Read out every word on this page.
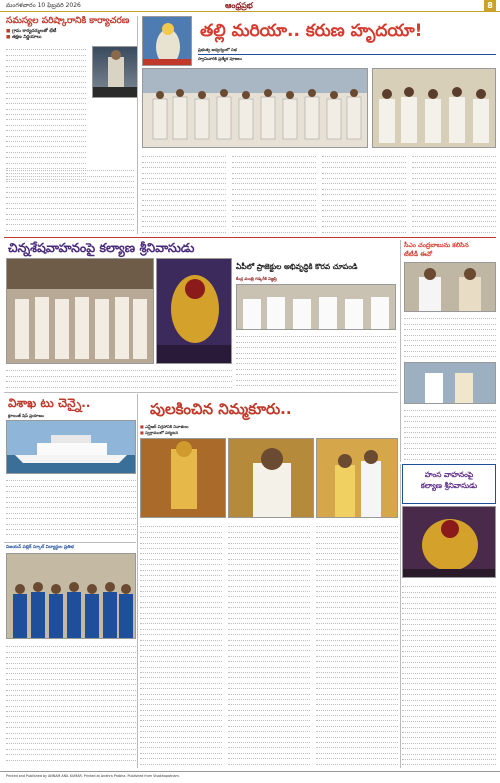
మంగళవారం 10 ఫిబ్రవరి 2026	ఆంధ్రప్రభ	8
సమస్యల పరిష్కారానికి కార్యాచరణ
■ గ్రామ కార్యదర్శులతో భేటీ
■ తక్షణ నిర్ణయాలు	తల్లి మరియా.. కరుణ హృదయా!
ప్రభుత్వ ఆధ్వర్యంలో సభ
స్వామివారికి ప్రత్యేక పూజలు
చిన్నశేషవాహనంపై కల్యాణ శ్రీనివాసుడు
ఏపీలో ప్రాజెక్టుల అభివృద్ధికి కొరవ చూపండి
కేంద్ర మంత్రి గడ్కరీకి విజ్ఞప్తి
సీఎం చంద్రబాబును కలిసిన
టీటీడీ ఈవో
విశాఖ టు చెన్నై..
క్రూయిజ్ షిప్ ప్రయాణం	పులకించిన నిమ్మకూరు..
■ ఎన్టీఆర్ విగ్రహానికి నివాళులు
■ స్వగ్రామంలో పర్యటన
హంస వాహనంపై
కల్యాణ శ్రీనివాసుడు
విజయన్ పబ్లిక్ స్కూల్ విద్యార్థుల ప్రతిభ
Printed and Published by ANNAM ANIL KUMAR. Printed at Andhra Prabha. Published from Visakhapatnam.
